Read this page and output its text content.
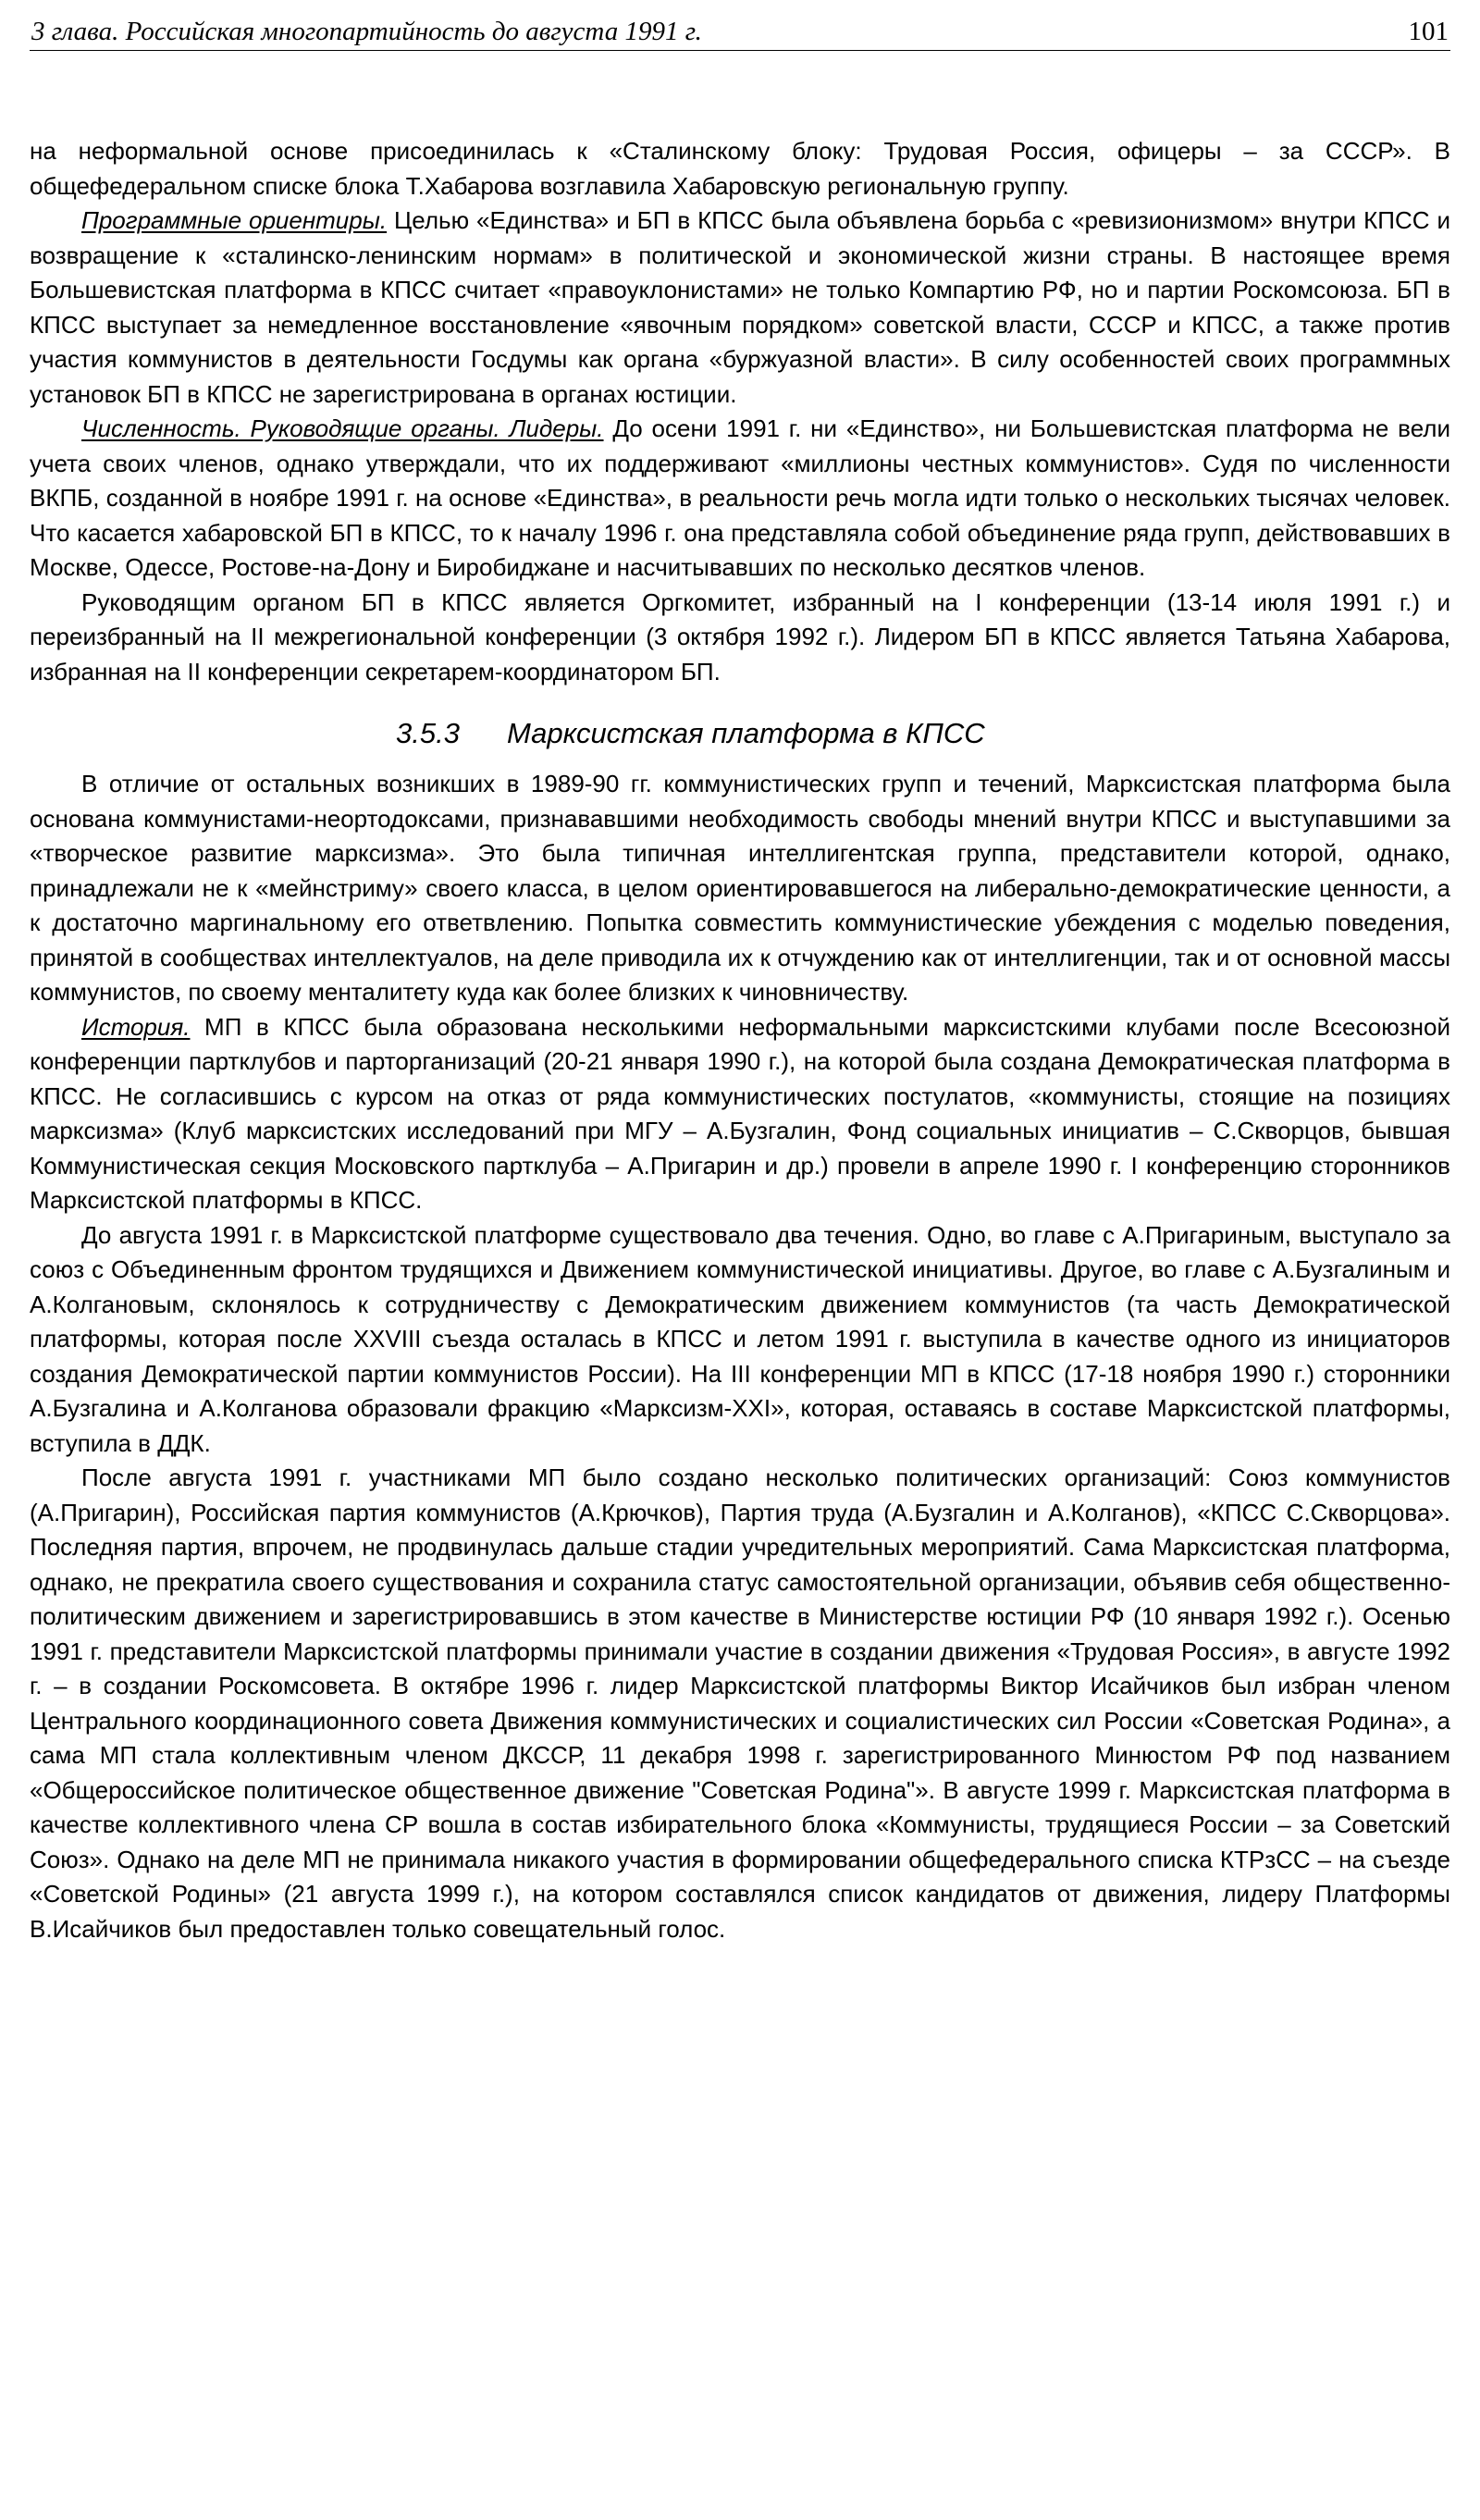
3 глава. Российская многопартийность до августа 1991 г.	101

на неформальной основе присоединилась к «Сталинскому блоку: Трудовая Россия, офицеры – за СССР». В общефедеральном списке блока Т.Хабарова возглавила Хабаровскую региональную группу.

Программные ориентиры. Целью «Единства» и БП в КПСС была объявлена борьба с «ревизионизмом» внутри КПСС и возвращение к «сталинско-ленинским нормам» в политической и экономической жизни страны. В настоящее время Большевистская платформа в КПСС считает «правоуклонистами» не только Компартию РФ, но и партии Роскомсоюза. БП в КПСС выступает за немедленное восстановление «явочным порядком» советской власти, СССР и КПСС, а также против участия коммунистов в деятельности Госдумы как органа «буржуазной власти». В силу особенностей своих программных установок БП в КПСС не зарегистрирована в органах юстиции.

Численность. Руководящие органы. Лидеры. До осени 1991 г. ни «Единство», ни Большевистская платформа не вели учета своих членов, однако утверждали, что их поддерживают «миллионы честных коммунистов». Судя по численности ВКПБ, созданной в ноябре 1991 г. на основе «Единства», в реальности речь могла идти только о нескольких тысячах человек. Что касается хабаровской БП в КПСС, то к началу 1996 г. она представляла собой объединение ряда групп, действовавших в Москве, Одессе, Ростове-на-Дону и Биробиджане и насчитывавших по несколько десятков членов.

Руководящим органом БП в КПСС является Оргкомитет, избранный на I конференции (13-14 июля 1991 г.) и переизбранный на II межрегиональной конференции (3 октября 1992 г.). Лидером БП в КПСС является Татьяна Хабарова, избранная на II конференции секретарем-координатором БП.

3.5.3 Марксистская платформа в КПСС

В отличие от остальных возникших в 1989-90 гг. коммунистических групп и течений, Марксистская платформа была основана коммунистами-неортодоксами, признававшими необходимость свободы мнений внутри КПСС и выступавшими за «творческое развитие марксизма». Это была типичная интеллигентская группа, представители которой, однако, принадлежали не к «мейнстриму» своего класса, в целом ориентировавшегося на либерально-демократические ценности, а к достаточно маргинальному его ответвлению. Попытка совместить коммунистические убеждения с моделью поведения, принятой в сообществах интеллектуалов, на деле приводила их к отчуждению как от интеллигенции, так и от основной массы коммунистов, по своему менталитету куда как более близких к чиновничеству.

История. МП в КПСС была образована несколькими неформальными марксистскими клубами после Всесоюзной конференции партклубов и парторганизаций (20-21 января 1990 г.), на которой была создана Демократическая платформа в КПСС. Не согласившись с курсом на отказ от ряда коммунистических постулатов, «коммунисты, стоящие на позициях марксизма» (Клуб марксистских исследований при МГУ – А.Бузгалин, Фонд социальных инициатив – С.Скворцов, бывшая Коммунистическая секция Московского партклуба – А.Пригарин и др.) провели в апреле 1990 г. I конференцию сторонников Марксистской платформы в КПСС.

До августа 1991 г. в Марксистской платформе существовало два течения. Одно, во главе с А.Пригариным, выступало за союз с Объединенным фронтом трудящихся и Движением коммунистической инициативы. Другое, во главе с А.Бузгалиным и А.Колгановым, склонялось к сотрудничеству с Демократическим движением коммунистов (та часть Демократической платформы, которая после XXVIII съезда осталась в КПСС и летом 1991 г. выступила в качестве одного из инициаторов создания Демократической партии коммунистов России). На III конференции МП в КПСС (17-18 ноября 1990 г.) сторонники А.Бузгалина и А.Колганова образовали фракцию «Марксизм-XXI», которая, оставаясь в составе Марксистской платформы, вступила в ДДК.

После августа 1991 г. участниками МП было создано несколько политических организаций: Союз коммунистов (А.Пригарин), Российская партия коммунистов (А.Крючков), Партия труда (А.Бузгалин и А.Колганов), «КПСС С.Скворцова». Последняя партия, впрочем, не продвинулась дальше стадии учредительных мероприятий. Сама Марксистская платформа, однако, не прекратила своего существования и сохранила статус самостоятельной организации, объявив себя общественно-политическим движением и зарегистрировавшись в этом качестве в Министерстве юстиции РФ (10 января 1992 г.). Осенью 1991 г. представители Марксистской платформы принимали участие в создании движения «Трудовая Россия», в августе 1992 г. – в создании Роскомсовета. В октябре 1996 г. лидер Марксистской платформы Виктор Исайчиков был избран членом Центрального координационного совета Движения коммунистических и социалистических сил России «Советская Родина», а сама МП стала коллективным членом ДКССР, 11 декабря 1998 г. зарегистрированного Минюстом РФ под названием «Общероссийское политическое общественное движение "Советская Родина"». В августе 1999 г. Марксистская платформа в качестве коллективного члена СР вошла в состав избирательного блока «Коммунисты, трудящиеся России – за Советский Союз». Однако на деле МП не принимала никакого участия в формировании общефедерального списка КТРзСС – на съезде «Советской Родины» (21 августа 1999 г.), на котором составлялся список кандидатов от движения, лидеру Платформы В.Исайчиков был предоставлен только совещательный голос.
